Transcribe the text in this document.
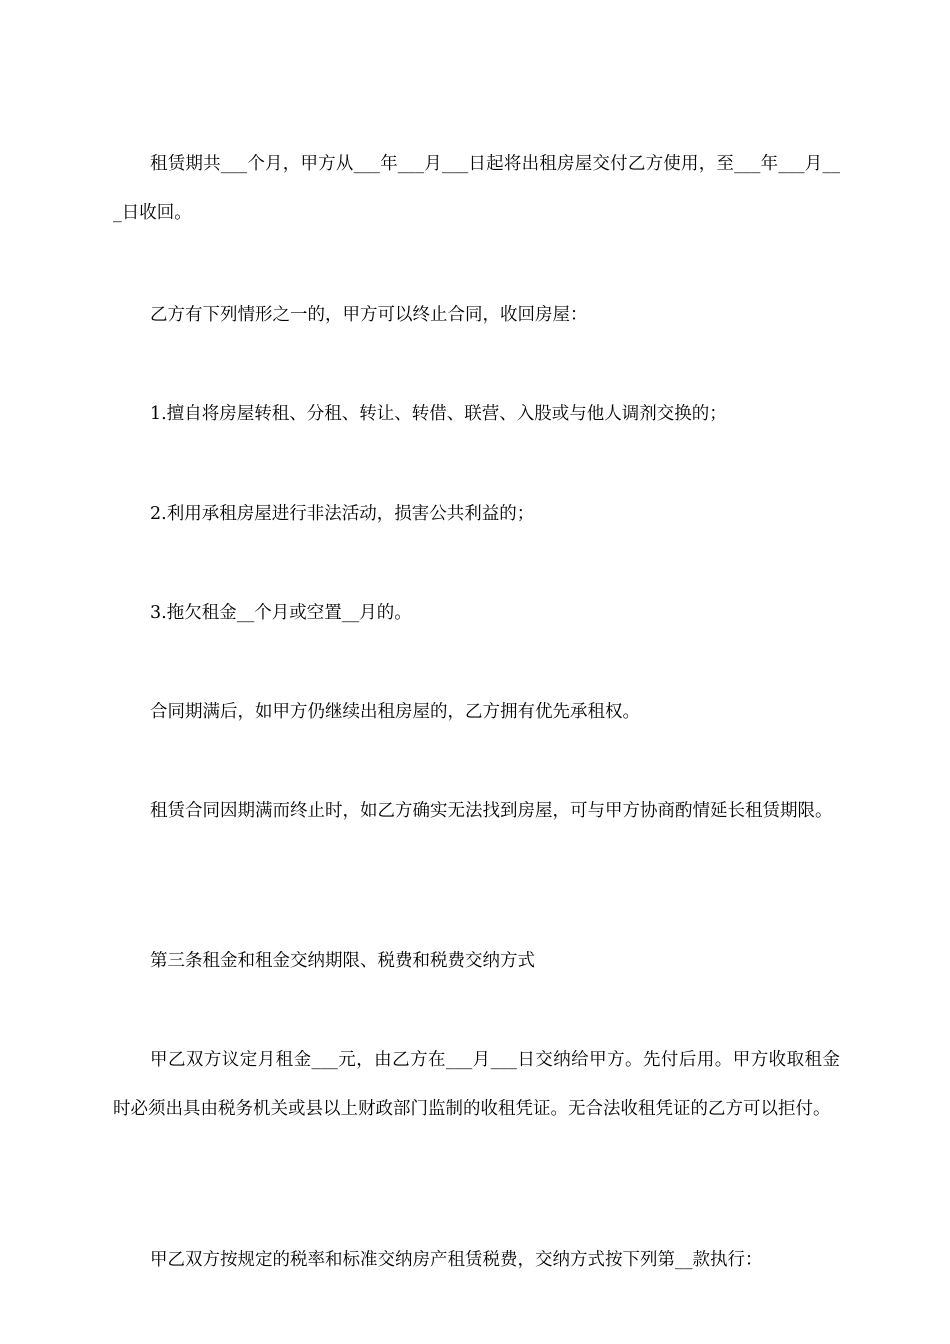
租赁期共___个月，甲方从___年___月___日起将出租房屋交付乙方使用，至___年___月___日收回。

乙方有下列情形之一的，甲方可以终止合同，收回房屋：

1.擅自将房屋转租、分租、转让、转借、联营、入股或与他人调剂交换的；

2.利用承租房屋进行非法活动，损害公共利益的；

3.拖欠租金__个月或空置__月的。

合同期满后，如甲方仍继续出租房屋的，乙方拥有优先承租权。

租赁合同因期满而终止时，如乙方确实无法找到房屋，可与甲方协商酌情延长租赁期限。

第三条租金和租金交纳期限、税费和税费交纳方式

甲乙双方议定月租金___元，由乙方在___月___日交纳给甲方。先付后用。甲方收取租金时必须出具由税务机关或县以上财政部门监制的收租凭证。无合法收租凭证的乙方可以拒付。

甲乙双方按规定的税率和标准交纳房产租赁税费，交纳方式按下列第__款执行：
